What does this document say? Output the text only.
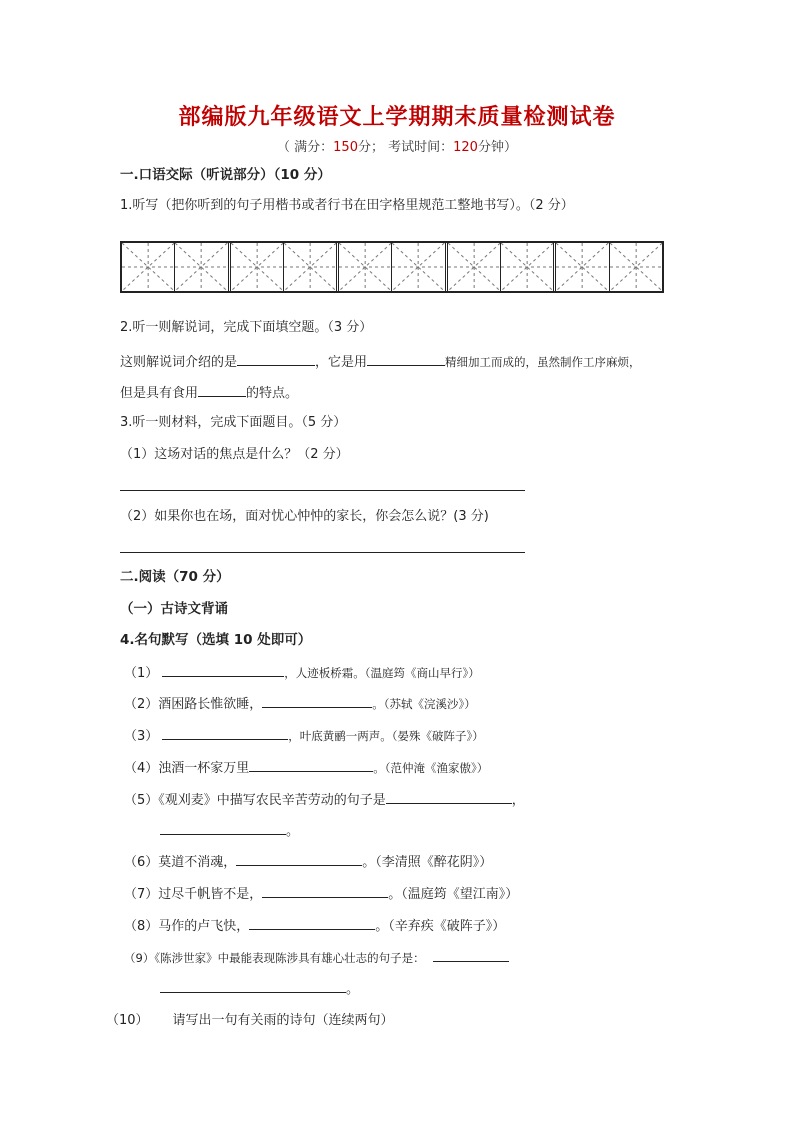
部编版九年级语文上学期期末质量检测试卷
（ 满分：150分； 考试时间：120分钟）
一.口语交际（听说部分）（10 分）
1.听写（把你听到的句子用楷书或者行书在田字格里规范工整地书写）。（2 分）
2.听一则解说词，完成下面填空题。（3 分）
这则解说词介绍的是	，它是用	精细加工而成的，虽然制作工序麻烦，
但是具有食用	的特点。
3.听一则材料，完成下面题目。（5 分）
（1）这场对话的焦点是什么？（2 分）
（2）如果你也在场，面对忧心忡忡的家长，你会怎么说？(3 分)
二.阅读（70 分）
（一）古诗文背诵
4.名句默写（选填 10 处即可）
（1）	，人迹板桥霜。（温庭筠《商山早行》）
（2）酒困路长惟欲睡，	。（苏轼《浣溪沙》）
（3）	，叶底黄鹂一两声。（晏殊《破阵子》）
（4）浊酒一杯家万里	。（范仲淹《渔家傲》）
（5）《观刈麦》中描写农民辛苦劳动的句子是	，
。
（6）莫道不消魂，	。（李清照《醉花阴》）
（7）过尽千帆皆不是，	。（温庭筠《望江南》）
（8）马作的卢飞快，	。（辛弃疾《破阵子》）
（9）《陈涉世家》中最能表现陈涉具有雄心壮志的句子是：
。
（10） 请写出一句有关雨的诗句（连续两句）
